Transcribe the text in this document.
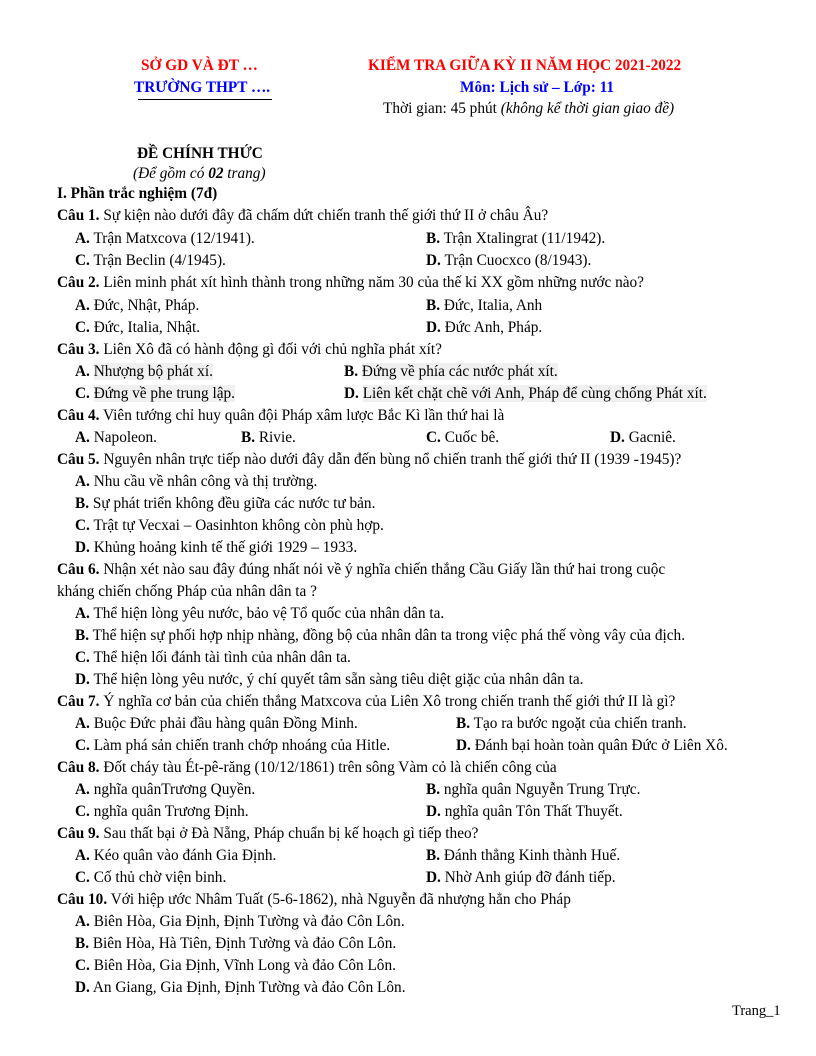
SỞ GD VÀ ĐT …
TRƯỜNG THPT ….
KIỂM TRA GIỮA KỲ II NĂM HỌC 2021-2022
Môn: Lịch sử – Lớp: 11
Thời gian: 45 phút (không kể thời gian giao đề)
ĐỀ CHÍNH THỨC
(Để gồm có 02 trang)
I. Phần trắc nghiệm (7đ)
Câu 1. Sự kiện nào dưới đây đã chấm dứt chiến tranh thế giới thứ II ở châu Âu?
A. Trận Matxcova (12/1941).	B. Trận Xtalingrat (11/1942).
C. Trận Beclin (4/1945).	D. Trận Cuocxco (8/1943).
Câu 2. Liên minh phát xít hình thành trong những năm 30 của thế kỉ XX gồm những nước nào?
A. Đức, Nhật, Pháp.	B. Đức, Italia, Anh
C. Đức, Italia, Nhật.	D. Đức Anh, Pháp.
Câu 3. Liên Xô đã có hành động gì đối với chủ nghĩa phát xít?
A. Nhượng bộ phát xí.	B. Đứng về phía các nước phát xít.
C. Đứng về phe trung lập.	D. Liên kết chặt chẽ với Anh, Pháp để cùng chống Phát xít.
Câu 4. Viên tướng chỉ huy quân đội Pháp xâm lược Bắc Kì lần thứ hai là
A. Napoleon.	B. Rivie.	C. Cuốc bê.	D. Gacniê.
Câu 5. Nguyên nhân trực tiếp nào dưới đây dẫn đến bùng nổ chiến tranh thế giới thứ II (1939 -1945)?
A. Nhu cầu về nhân công và thị trường.
B. Sự phát triển không đều giữa các nước tư bản.
C. Trật tự Vecxai – Oasinhton không còn phù hợp.
D. Khủng hoảng kinh tế thế giới 1929 – 1933.
Câu 6. Nhận xét nào sau đây đúng nhất nói về ý nghĩa chiến thắng Cầu Giấy lần thứ hai trong cuộc
kháng chiến chống Pháp của nhân dân ta ?
A. Thể hiện lòng yêu nước, bảo vệ Tổ quốc của nhân dân ta.
B. Thể hiện sự phối hợp nhịp nhàng, đồng bộ của nhân dân ta trong việc phá thế vòng vây của địch.
C. Thể hiện lối đánh tài tình của nhân dân ta.
D. Thể hiện lòng yêu nước, ý chí quyết tâm sẵn sàng tiêu diệt giặc của nhân dân ta.
Câu 7. Ý nghĩa cơ bản của chiến thắng Matxcova của Liên Xô trong chiến tranh thế giới thứ II là gì?
A. Buộc Đức phải đầu hàng quân Đồng Minh.	B. Tạo ra bước ngoặt của chiến tranh.
C. Làm phá sản chiến tranh chớp nhoáng của Hitle.	D. Đánh bại hoàn toàn quân Đức ở Liên Xô.
Câu 8. Đốt cháy tàu Ét-pê-răng (10/12/1861) trên sông Vàm cỏ là chiến công của
A. nghĩa quânTrương Quyền.	B. nghĩa quân Nguyễn Trung Trực.
C. nghĩa quân Trương Định.	D. nghĩa quân Tôn Thất Thuyết.
Câu 9. Sau thất bại ở Đà Nẵng, Pháp chuẩn bị kế hoạch gì tiếp theo?
A. Kéo quân vào đánh Gia Định.	B. Đánh thẳng Kinh thành Huế.
C. Cố thủ chờ viện binh.	D. Nhờ Anh giúp đỡ đánh tiếp.
Câu 10. Với hiệp ước Nhâm Tuất (5-6-1862), nhà Nguyễn đã nhượng hẳn cho Pháp
A. Biên Hòa, Gia Định, Định Tường và đảo Côn Lôn.
B. Biên Hòa, Hà Tiên, Định Tường và đảo Côn Lôn.
C. Biên Hòa, Gia Định, Vĩnh Long và đảo Côn Lôn.
D. An Giang, Gia Định, Định Tường và đảo Côn Lôn.
Trang_1
